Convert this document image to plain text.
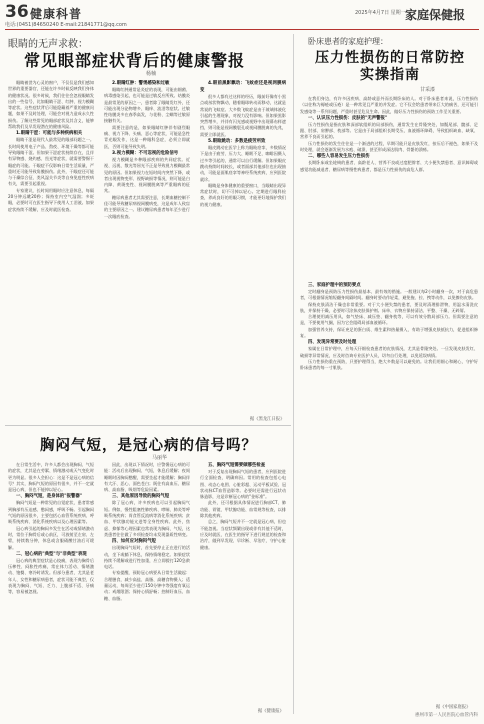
36 健康科普
电话:(0451)84650240 E-mail:21841771@qq.com
2025年4月7日 星期一 家庭保健报
眼睛的无声求救：
常见眼部症状背后的健康警报
杨楠

眼睛被誉为心灵的窗户，不仅仅是我们感知世界的重要器官，还能在许多时候反映我们身体的健康状况。很多时候，我们往往会忽视眼睛发出的一些信号，比如眼睛干涩、红肿、视力模糊等症状。这些症状背后可能隐藏着严重的健康问题，如果不及时处理，可能会对视力造成永久性损伤。了解这些常见的眼部症状及其含义，能够帮助我们及早发现潜在的健康风险。

1.眼睛干涩：可能与多种疾病相关

眼睛干涩是现代人最常见的眼部问题之一。长时间使用电子产品、熬夜、环境干燥等都可能导致眼睛干涩。但如果干涩症状持续存在，且伴有异物感、烧灼感、畏光等症状，就需要警惕干眼症的可能。干眼症不仅影响日常生活质量，严重时还可能导致角膜损伤。此外，干眼症还可能与干燥综合征、类风湿关节炎等自身免疫性疾病有关，需要引起重视。

专家建议，长时间用眼时应注意休息，每隔20分钟远眺20秒；保持室内空气湿润；多眨眼，必要时可在医生指导下使用人工泪液。如果症状持续不缓解，应及时就医检查。

2.眼睛红肿：警惕感染和过敏

眼睛红肿通常是炎症的表现，可能由细菌、病毒感染引起，也可能是过敏反应所致。结膜炎是最常见的原因之一，患者除了眼睛发红外，还可能出现分泌物增多、眼痒、流泪等症状。过敏性结膜炎多在春季高发，与花粉、尘螨等过敏原接触有关。

需要注意的是，如果眼睛红肿伴有剧烈眼痛、视力下降、头痛、恶心等症状，可能是急性青光眼发作，这是一种眼科急症，必须立即就医，否则可能导致失明。

3.视力模糊：不可忽视的危险信号

视力模糊是多种眼部疾病的共同症状。近视、远视、散光等屈光不正是导致视力模糊最常见的原因。但如果视力在短时间内突然下降，或者出现视物变形、视野缺损等情况，则可能是白内障、黄斑变性、视网膜脱离等严重眼病的征兆。

糖尿病患者尤其需要注意，长期血糖控制不佳可能导致糖尿病视网膜病变，这是成年人致盲的主要原因之一。建议糖尿病患者每年至少进行一次眼底检查。

4.眼前黑影飘动：飞蚊症还是视网膜病变

很多人都有过这样的经历，眼前好像有小黑点或丝状物飘动，随着眼球转动而移动，这就是常说的飞蚊症。大多数飞蚊症是由于玻璃体液化引起的生理现象，对视力没有影响。但如果黑影突然增多，并伴有闪光感或视野中出现幕布样遮挡，则可能是视网膜裂孔或视网膜脱离的先兆，需要立即就医。

5.眼睑跳动：多数是疲劳所致

眼皮跳动在医学上称为眼睑痉挛，多数情况下是由于疲劳、压力大、睡眠不足、咖啡因摄入过多等引起的，通常可以自行缓解。但如果眼皮跳动持续时间较长，或者面部其他部位也出现抽动，可能是面肌痉挛等神经系统疾病，应到医院就诊。

眼睛是身体健康的重要窗口，当眼睛出现异常症状时，切不可掉以轻心。定期进行眼科检查，养成良好的用眼习惯，才能更好地保护我们的视力健康。

据《黑龙江日报》
胸闷气短，是冠心病的信号吗？
马丽华

在日常生活中，许多人都会出现胸闷、气短的症状，尤其是在劳累、情绪激动或天气变化时更为明显。很多人会担心：这是不是冠心病的信号？其实，胸闷气短的原因有很多，并不一定就是冠心病，但也不能掉以轻心。

一、胸闷气短，是身体的"报警器"

胸闷气短是一种常见的自觉症状，患者常感到胸部有压迫感、憋闷感，呼吸不畅。引起胸闷气短的原因很多，主要包括心血管系统疾病、呼吸系统疾病、消化系统疾病以及心理因素等。

冠心病引起的胸闷多发生在活动或情绪激动时，常位于胸骨后或心前区，可放射至左肩、左臂，持续数分钟，休息或含服硝酸甘油后可缓解。

二、冠心病的"典型"与"非典型"表现

冠心病的典型症状是心绞痛，表现为胸骨后压榨性、闷胀性疼痛，常在体力活动、情绪激动、饱餐、寒冷时诱发。但部分患者，尤其是老年人、女性和糖尿病患者，症状可能不典型，仅表现为胸闷、气短、乏力、上腹部不适、牙痛等，容易被忽视。

因此，出现以下情况时，应警惕冠心病的可能：活动后出现胸闷、气短，休息后缓解；夜间睡眠时因胸闷憋醒，需要坐起才能缓解；胸闷伴有大汗、恶心、面色苍白；既往有高血压、糖尿病、高血脂、吸烟等危险因素。

三、其他原因导致的胸闷气短

除了冠心病，许多疾病也可以引起胸闷气短。例如，慢性阻塞性肺疾病、哮喘、肺炎等呼吸系统疾病；胃食管反流病等消化系统疾病；贫血、甲状腺功能亢进等全身性疾病。此外，焦虑、抑郁等心理因素也常表现为胸闷、气短，这类患者往往做了多项检查均未发现器质性病变。

四、如何应对胸闷气短

出现胸闷气短时，首先要停止正在进行的活动，坐下或躺下休息，保持情绪稳定。如果症状持续不缓解或进行性加重，应立即拨打120急救电话。

专家提醒，预防冠心病要从日常生活做起：合理膳食，减少高盐、高脂、高糖食物摄入；适量运动，每周至少进行150分钟中等强度有氧运动；戒烟限酒；保持心情舒畅；控制好血压、血糖、血脂。

五、胸闷气短需要做哪些检查

对于反复出现胸闷气短的患者，应到医院进行全面检查，明确病因。常用的检查包括心电图、动态心电图、心脏彩超、运动平板试验、冠状动脉CT血管造影等。必要时还需进行冠状动脉造影，这是诊断冠心病的"金标准"。

此外，还可根据具体情况进行胸部CT、肺功能、胃镜、甲状腺功能、血常规等检查，以排除其他疾病。

总之，胸闷气短并不一定就是冠心病，但也不能忽视。当症状频繁出现或伴有其他不适时，应及时就医，在医生的指导下进行规范的检查和治疗，做到早发现、早诊断、早治疗，守护心脏健康。

据《健康报》
卧床患者的家庭护理：
压力性损伤的日常防控实操指南
甘采漆

在我们身边，有许多因疾病、高龄或意外而长期卧床的人。对于卧床患者来说，压力性损伤（以往称为褥疮或压疮）是一种常见且严重的并发症。它不仅会给患者带来巨大的痛苦，还可能引发感染等一系列问题，严重时甚至危及生命。因此，做好压力性损伤的预防工作至关重要。

一、认识压力性损伤：皮肤的"无声警报"

压力性损伤是指皮肤和深部软组织的局部损伤，通常发生在骨隆突处，如骶尾部、髋部、足跟、肘部、肩胛部、枕部等。它是由于局部组织长期受压，血液循环障碍，导致组织缺血、缺氧、营养不良而引起的。

压力性损伤的发生往往是一个渐进的过程，早期可能只是皮肤发红，按压后不褪色，如果不及时处理，就会逐渐发展为水疱、破溃，甚至形成深达肌肉、骨骼的溃疡。

二、哪些人容易发生压力性损伤

长期卧床或坐轮椅的患者、高龄老人、营养不良或过度肥胖者、大小便失禁患者、意识障碍或感觉功能减退者、糖尿病等慢性病患者，都是压力性损伤的高危人群。

三、家庭护理中的预防要点

定时翻身是预防压力性损伤最基本、最有效的措施。一般建议每2小时翻身一次，对于高危患者，可根据情况缩短翻身间隔时间。翻身时要动作轻柔，避免拖、拉、拽等动作，以免擦伤皮肤。

保持皮肤清洁干燥也非常重要。对于大小便失禁的患者，要及时清理排泄物，用温水清洗皮肤，并保持干燥，必要时可涂抹皮肤保护剂。床单、衣物应保持清洁、平整、干燥、无碎屑。

合理使用减压用具，如气垫床、减压垫、翻身枕等，可以有效分散局部压力。但需要注意的是，不要使用气圈，因为它会阻碍局部血液循环。

加强营养支持，保证充足的蛋白质、维生素和热量摄入，有助于增强皮肤抵抗力，促进组织修复。

四、发现异常要及时处理

家属在日常护理中，应每天仔细检查患者的皮肤情况，尤其是骨隆突处。一旦发现皮肤发红、破损等异常情况，应及时咨询专业医护人员，切勿自行处理，以免延误病情。

压力性损伤重在预防，只要护理得当，绝大多数是可以避免的。让我们用细心和耐心，守护好卧床患者的每一寸肌肤。

据《中国家庭报》
惠州市第一人民医院心血管内科
